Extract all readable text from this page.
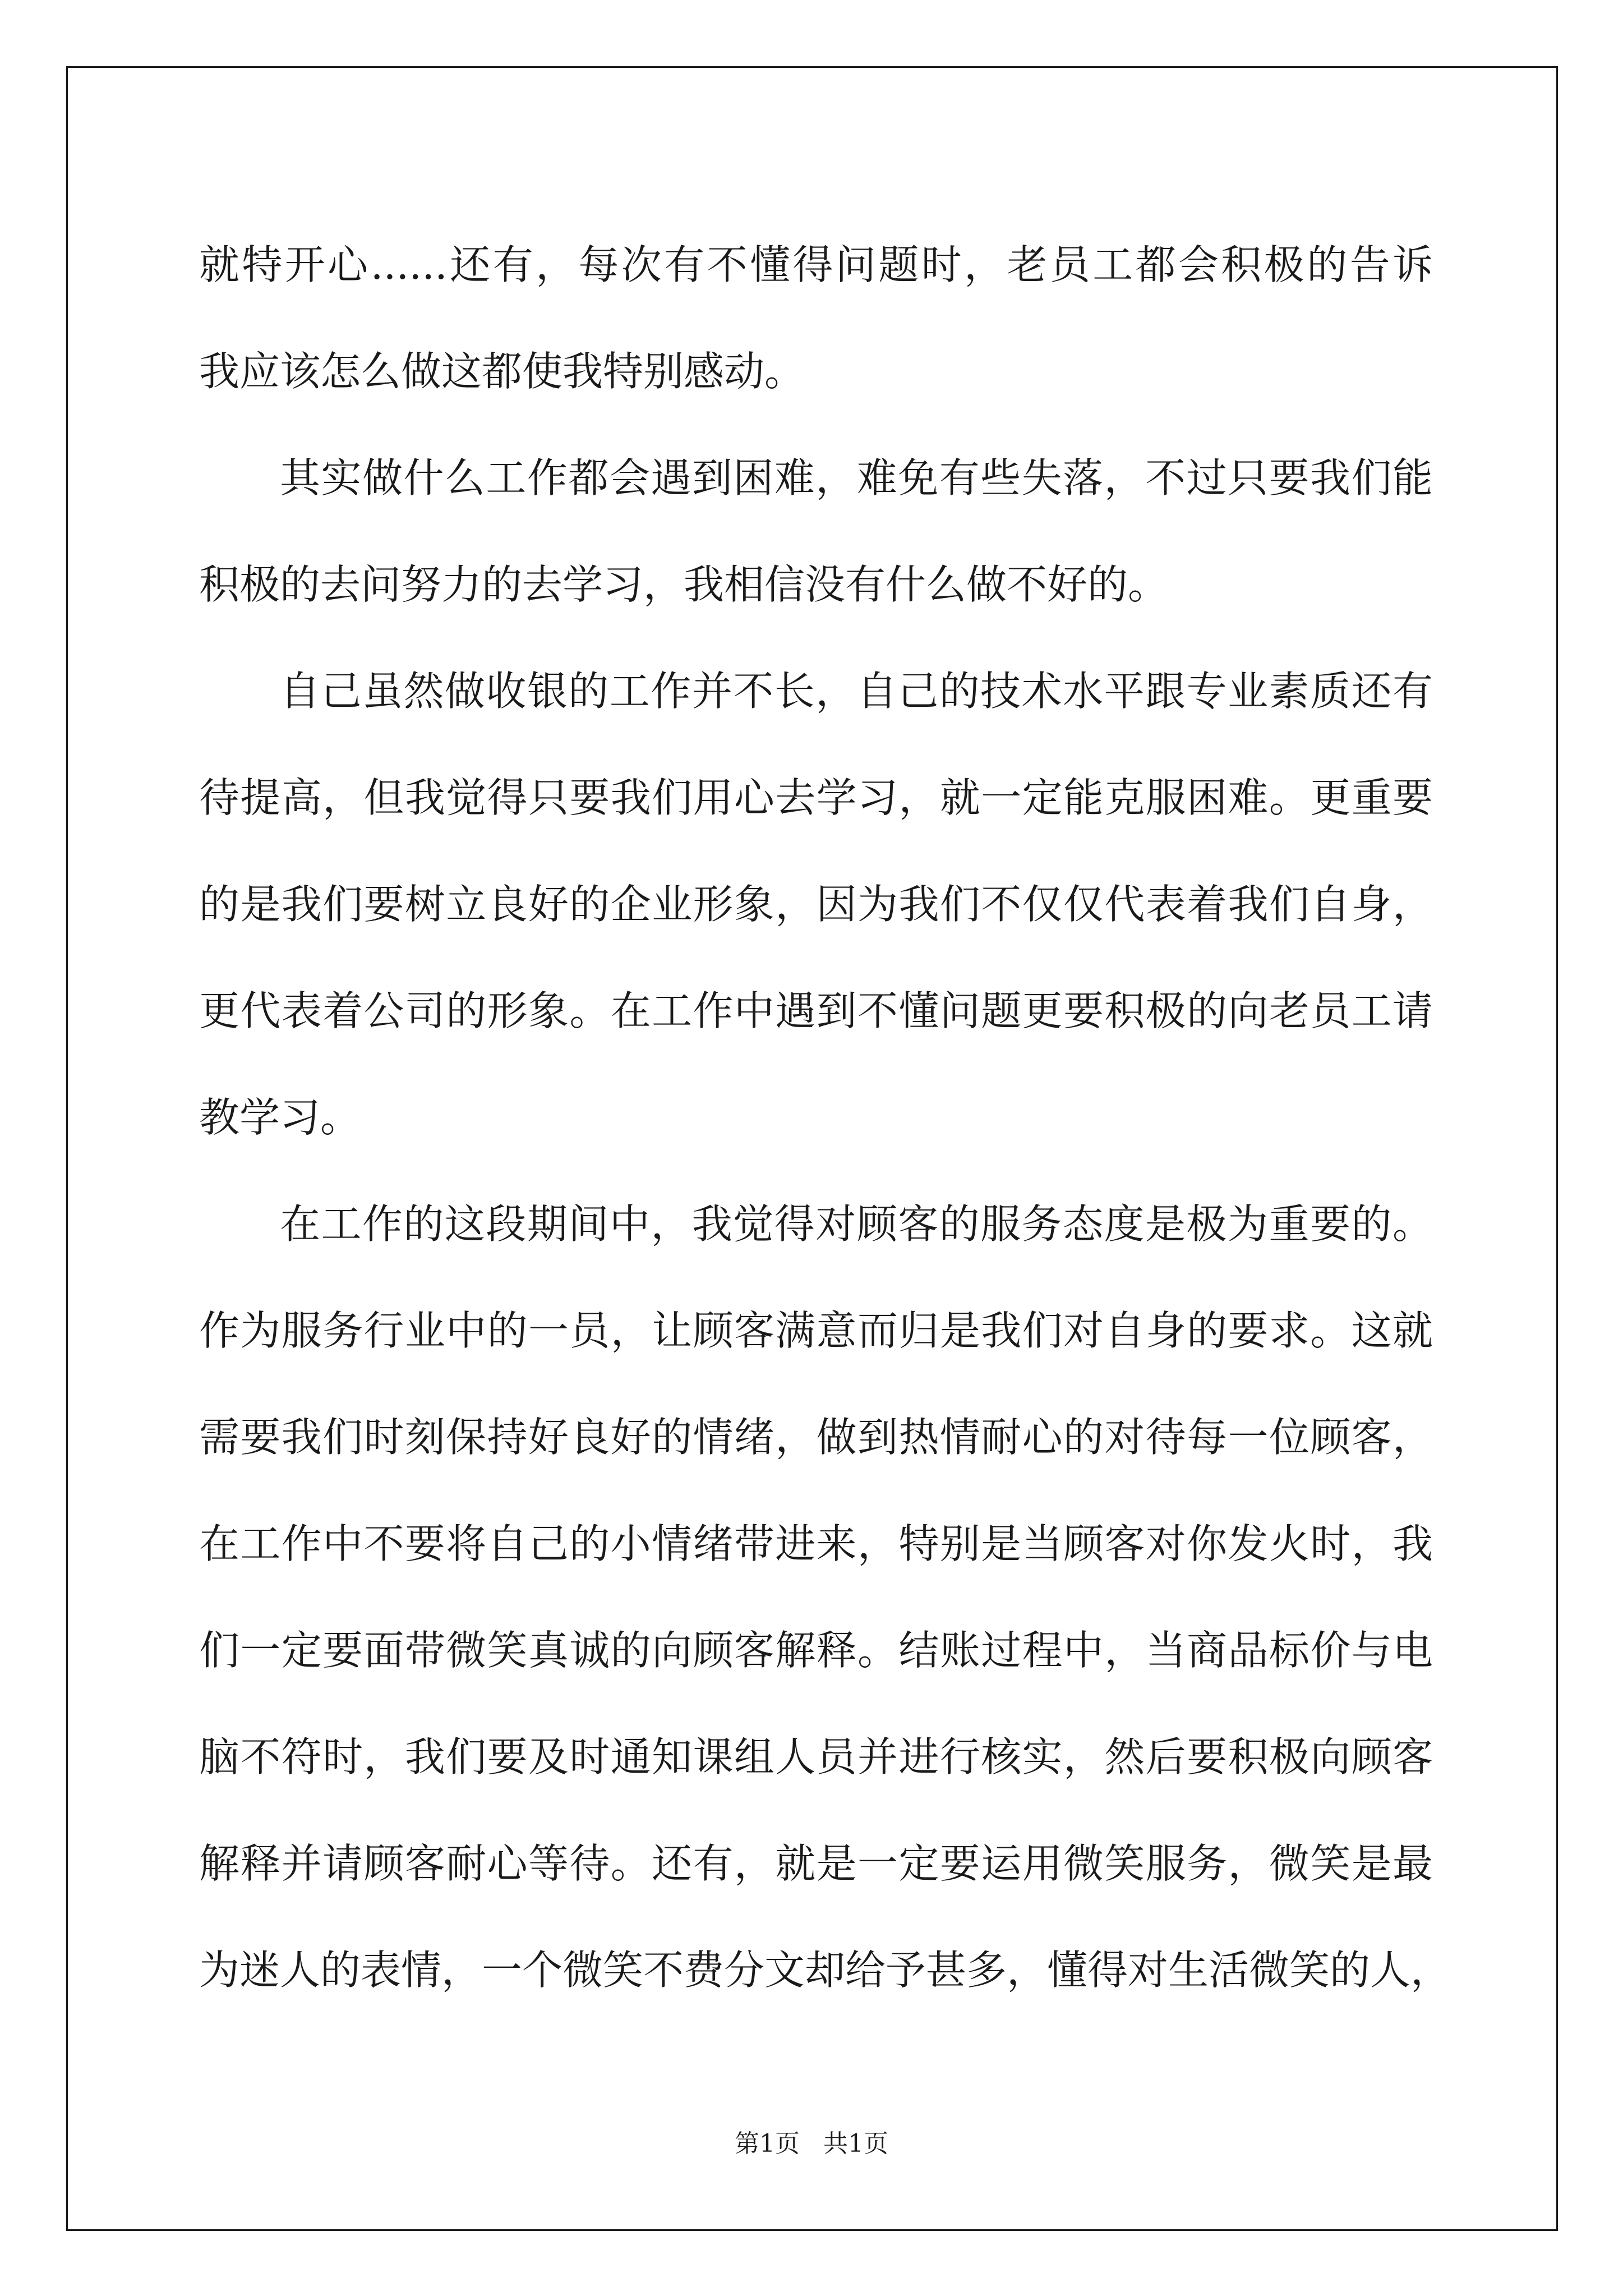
就特开心......还有，每次有不懂得问题时，老员工都会积极的告诉
我应该怎么做这都使我特别感动。
其实做什么工作都会遇到困难，难免有些失落，不过只要我们能
积极的去问努力的去学习，我相信没有什么做不好的。
自己虽然做收银的工作并不长，自己的技术水平跟专业素质还有
待提高，但我觉得只要我们用心去学习，就一定能克服困难。更重要
的是我们要树立良好的企业形象，因为我们不仅仅代表着我们自身，
更代表着公司的形象。在工作中遇到不懂问题更要积极的向老员工请
教学习。
在工作的这段期间中，我觉得对顾客的服务态度是极为重要的。
作为服务行业中的一员，让顾客满意而归是我们对自身的要求。这就
需要我们时刻保持好良好的情绪，做到热情耐心的对待每一位顾客，
在工作中不要将自己的小情绪带进来，特别是当顾客对你发火时，我
们一定要面带微笑真诚的向顾客解释。结账过程中，当商品标价与电
脑不符时，我们要及时通知课组人员并进行核实，然后要积极向顾客
解释并请顾客耐心等待。还有，就是一定要运用微笑服务，微笑是最
为迷人的表情，一个微笑不费分文却给予甚多，懂得对生活微笑的人，
第1页   共1页
